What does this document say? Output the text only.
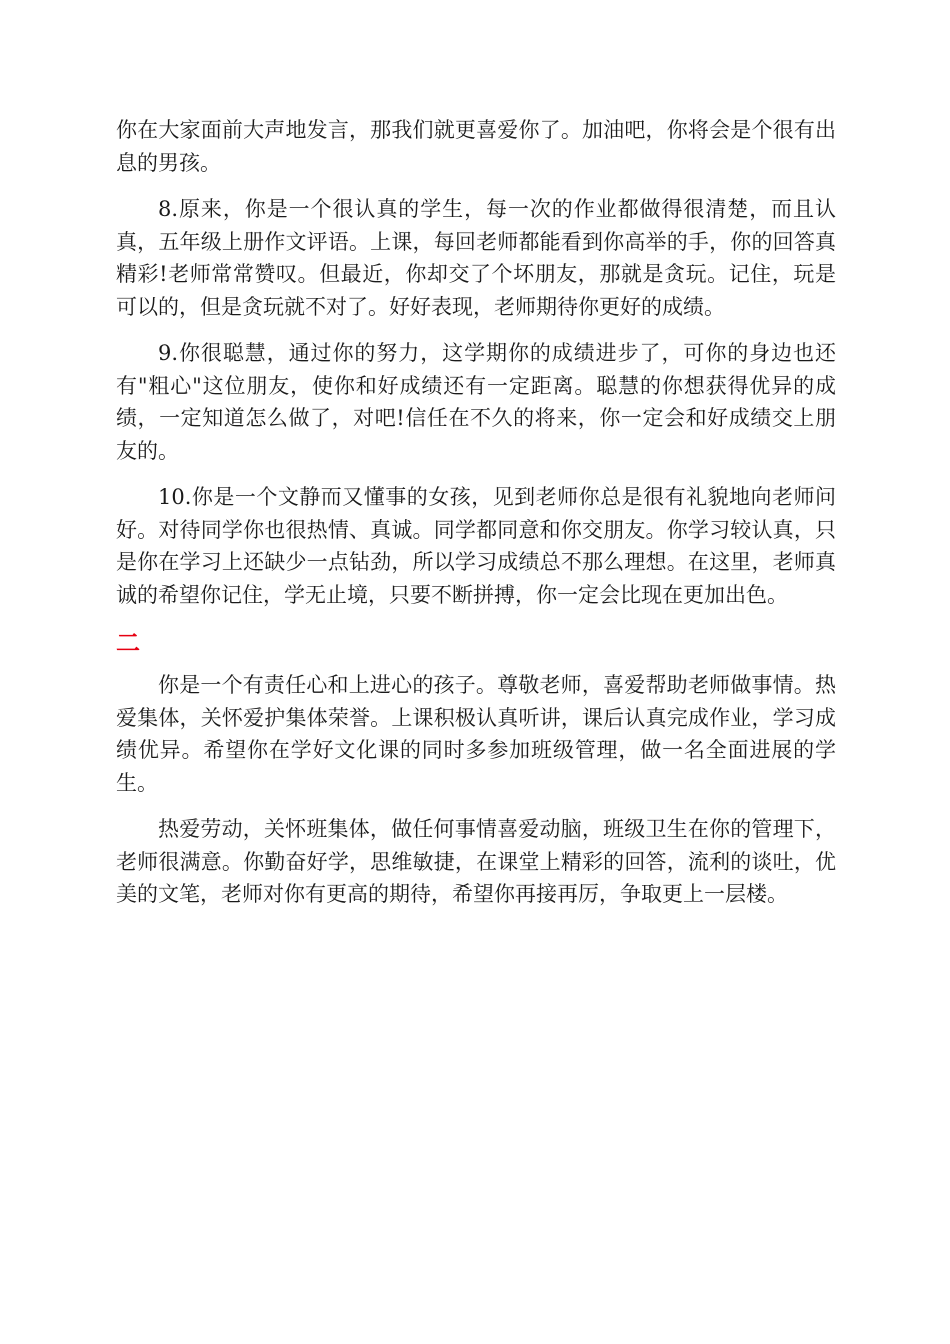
你在大家面前大声地发言，那我们就更喜爱你了。加油吧，你将会是个很有出息的男孩。

8.原来，你是一个很认真的学生，每一次的作业都做得很清楚，而且认真，五年级上册作文评语。上课，每回老师都能看到你高举的手，你的回答真精彩!老师常常赞叹。但最近，你却交了个坏朋友，那就是贪玩。记住，玩是可以的，但是贪玩就不对了。好好表现，老师期待你更好的成绩。

9.你很聪慧，通过你的努力，这学期你的成绩进步了，可你的身边也还有"粗心"这位朋友，使你和好成绩还有一定距离。聪慧的你想获得优异的成绩，一定知道怎么做了，对吧!信任在不久的将来，你一定会和好成绩交上朋友的。

10.你是一个文静而又懂事的女孩，见到老师你总是很有礼貌地向老师问好。对待同学你也很热情、真诚。同学都同意和你交朋友。你学习较认真，只是你在学习上还缺少一点钻劲，所以学习成绩总不那么理想。在这里，老师真诚的希望你记住，学无止境，只要不断拼搏，你一定会比现在更加出色。

二

你是一个有责任心和上进心的孩子。尊敬老师，喜爱帮助老师做事情。热爱集体，关怀爱护集体荣誉。上课积极认真听讲，课后认真完成作业，学习成绩优异。希望你在学好文化课的同时多参加班级管理，做一名全面进展的学生。

热爱劳动，关怀班集体，做任何事情喜爱动脑，班级卫生在你的管理下，老师很满意。你勤奋好学，思维敏捷，在课堂上精彩的回答，流利的谈吐，优美的文笔，老师对你有更高的期待，希望你再接再厉，争取更上一层楼。
